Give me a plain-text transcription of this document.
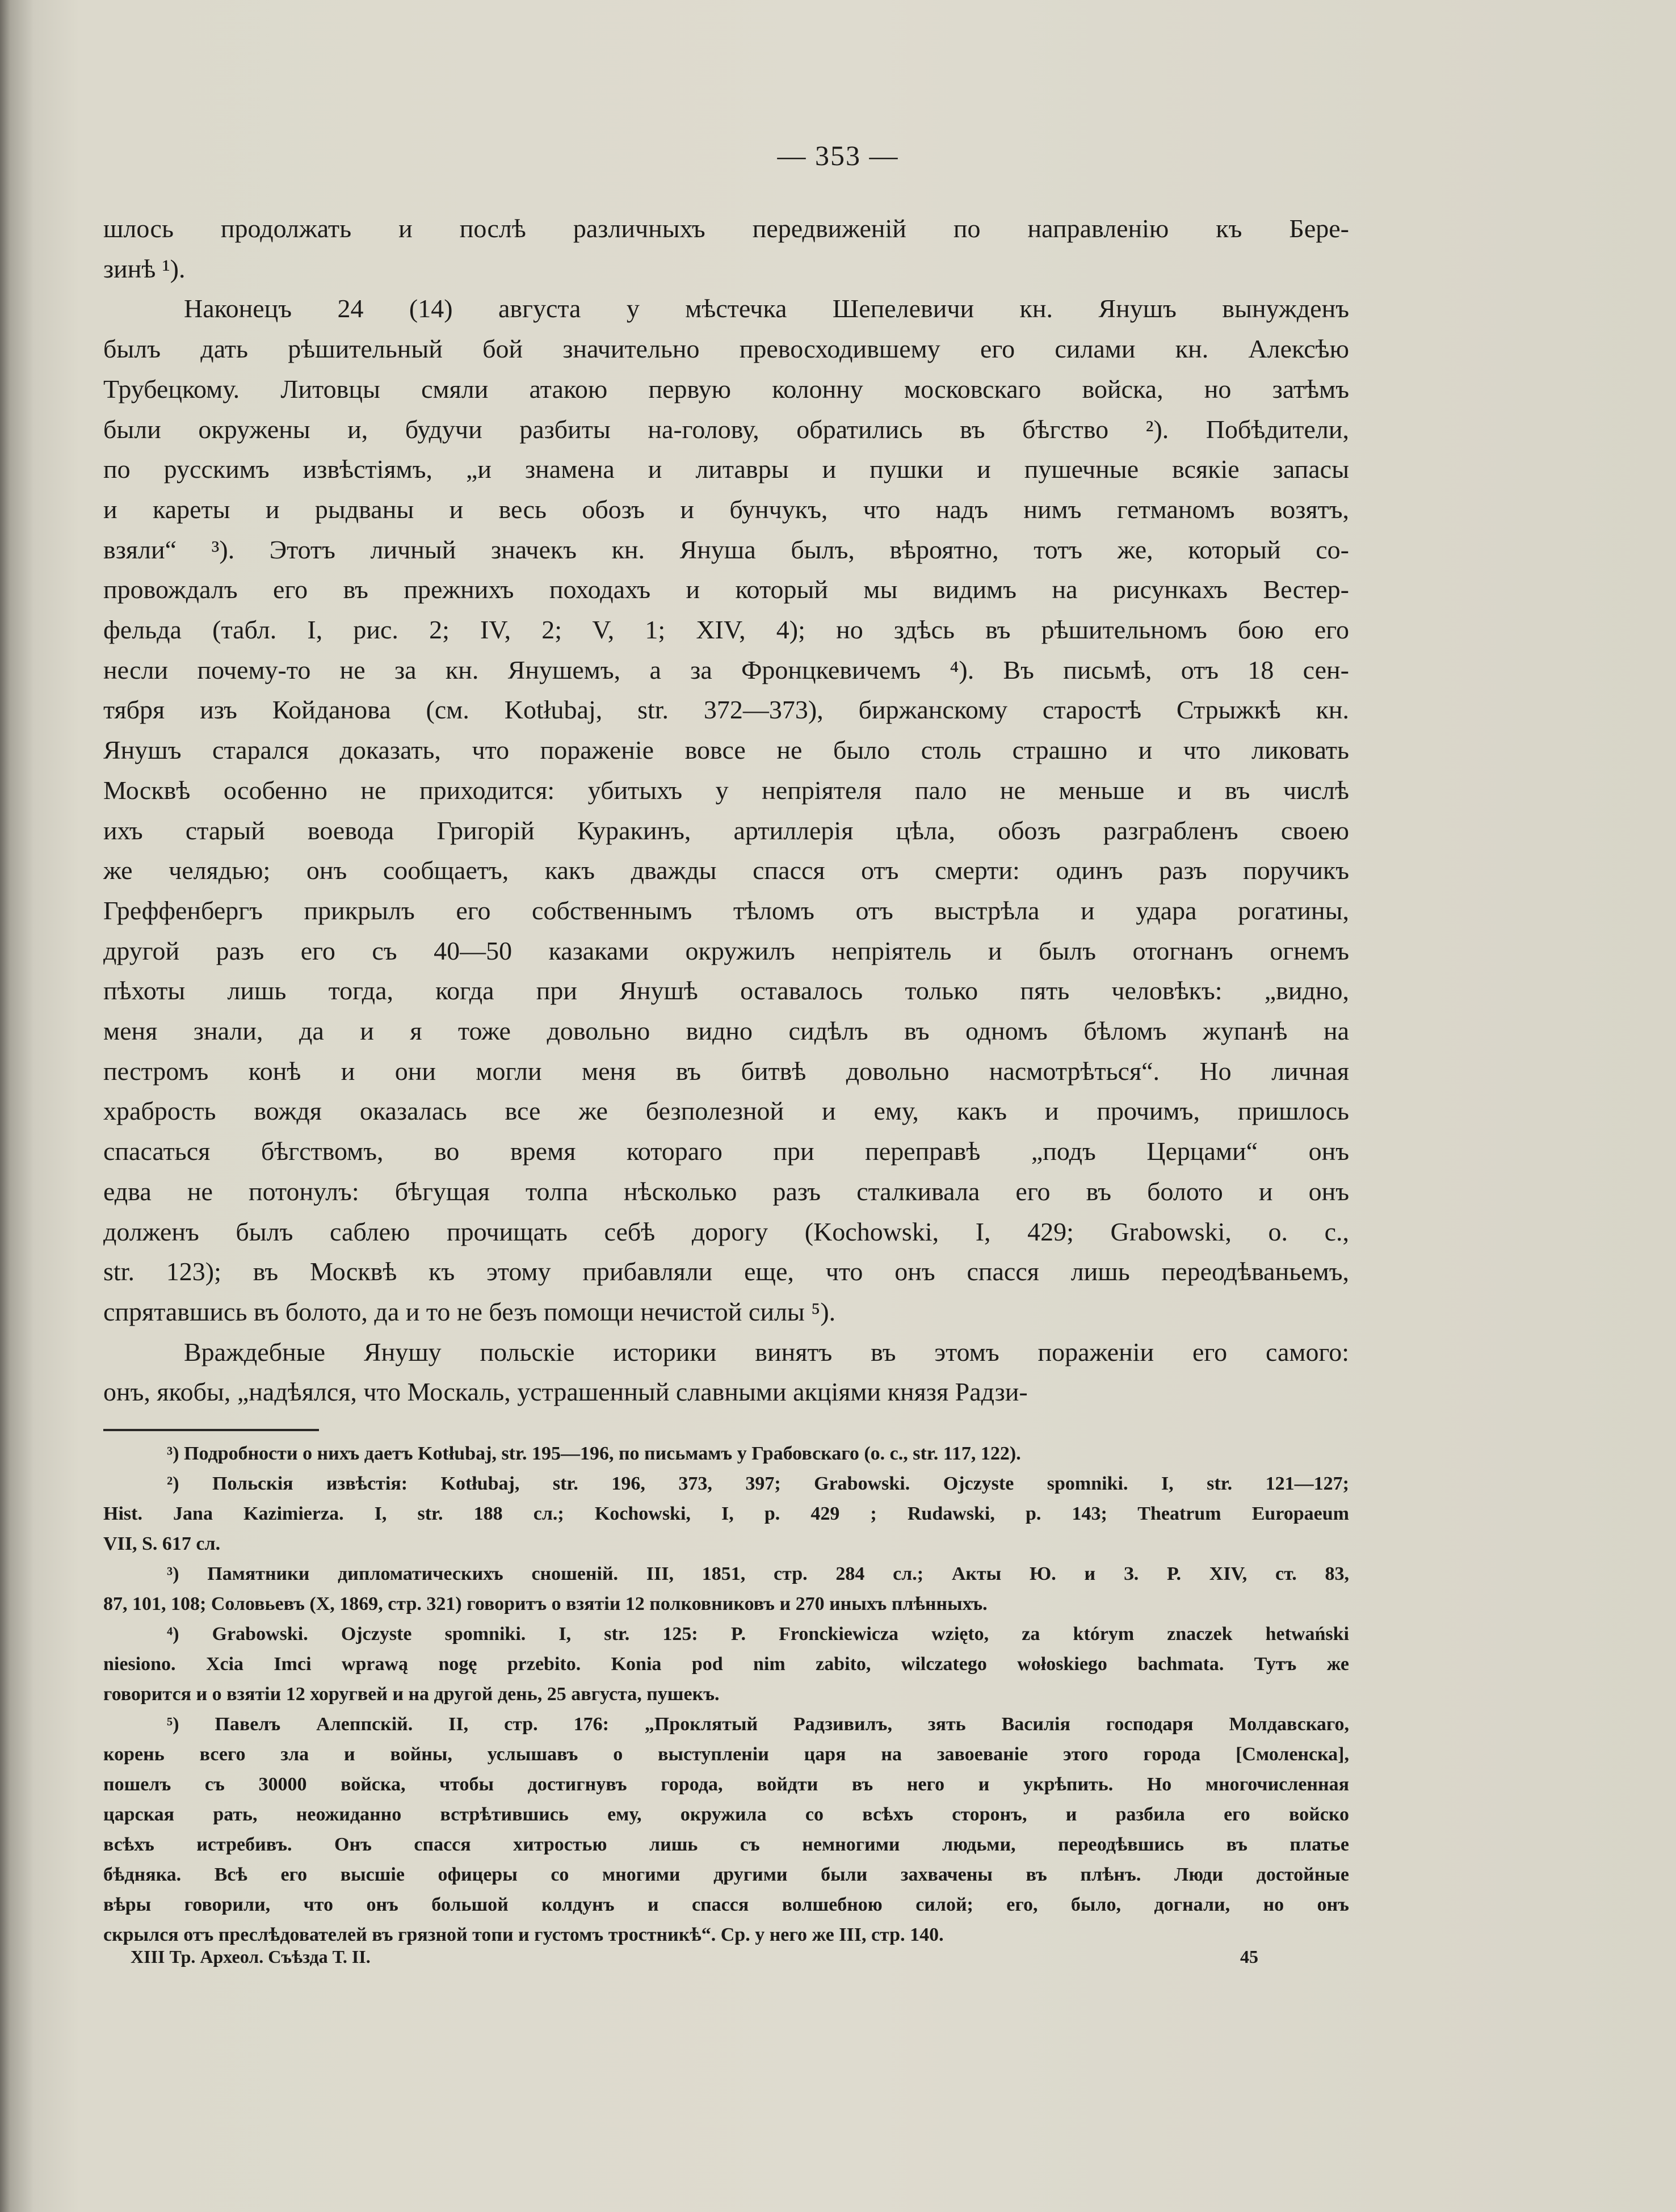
— 353 —
шлось продолжать и послѣ различныхъ передвиженій по направленію къ Бере-
зинѣ ¹).
Наконецъ 24 (14) августа у мѣстечка Шепелевичи кн. Янушъ вынужденъ
былъ дать рѣшительный бой значительно превосходившему его силами кн. Алексѣю
Трубецкому. Литовцы смяли атакою первую колонну московскаго войска, но затѣмъ
были окружены и, будучи разбиты на-голову, обратились въ бѣгство ²). Побѣдители,
по русскимъ извѣстіямъ, „и знамена и литавры и пушки и пушечные всякіе запасы
и кареты и рыдваны и весь обозъ и бунчукъ, что надъ нимъ гетманомъ возятъ,
взяли“ ³). Этотъ личный значекъ кн. Януша былъ, вѣроятно, тотъ же, который со-
провождалъ его въ прежнихъ походахъ и который мы видимъ на рисункахъ Вестер-
фельда (табл. I, рис. 2; IV, 2; V, 1; XIV, 4); но здѣсь въ рѣшительномъ бою его
несли почему-то не за кн. Янушемъ, а за Фронцкевичемъ ⁴). Въ письмѣ, отъ 18 сен-
тября изъ Койданова (см. Kotłubaj, str. 372—373), биржанскому старостѣ Стрыжкѣ кн.
Янушъ старался доказать, что пораженіе вовсе не было столь страшно и что ликовать
Москвѣ особенно не приходится: убитыхъ у непріятеля пало не меньше и въ числѣ
ихъ старый воевода Григорій Куракинъ, артиллерія цѣла, обозъ разграбленъ своею
же челядью; онъ сообщаетъ, какъ дважды спасся отъ смерти: одинъ разъ поручикъ
Греффенбергъ прикрылъ его собственнымъ тѣломъ отъ выстрѣла и удара рогатины,
другой разъ его съ 40—50 казаками окружилъ непріятель и былъ отогнанъ огнемъ
пѣхоты лишь тогда, когда при Янушѣ оставалось только пять человѣкъ: „видно,
меня знали, да и я тоже довольно видно сидѣлъ въ одномъ бѣломъ жупанѣ на
пестромъ конѣ и они могли меня въ битвѣ довольно насмотрѣться“. Но личная
храбрость вождя оказалась все же безполезной и ему, какъ и прочимъ, пришлось
спасаться бѣгствомъ, во время котораго при переправѣ „подъ Церцами“ онъ
едва не потонулъ: бѣгущая толпа нѣсколько разъ сталкивала его въ болото и онъ
долженъ былъ саблею прочищать себѣ дорогу (Kochowski, I, 429; Grabowski, o. c.,
str. 123); въ Москвѣ къ этому прибавляли еще, что онъ спасся лишь переодѣваньемъ,
спрятавшись въ болото, да и то не безъ помощи нечистой силы ⁵).
Враждебные Янушу польскіе историки винятъ въ этомъ пораженіи его самого:
онъ, якобы, „надѣялся, что Москаль, устрашенный славными акціями князя Радзи-
³) Подробности о нихъ даетъ Kotłubaj, str. 195—196, по письмамъ у Грабовскаго (o. c., str. 117, 122).
²) Польскія извѣстія: Kotłubaj, str. 196, 373, 397; Grabowski. Ojczyste spomniki. I, str. 121—127;
Hist. Jana Kazimierza. I, str. 188 сл.; Kochowski, I, p. 429 ; Rudawski, p. 143; Theatrum Europaeum
VII, S. 617 сл.
³) Памятники дипломатическихъ сношеній. III, 1851, стр. 284 сл.; Акты Ю. и З. Р. XIV, ст. 83,
87, 101, 108; Соловьевъ (X, 1869, стр. 321) говоритъ о взятіи 12 полковниковъ и 270 иныхъ плѣнныхъ.
⁴) Grabowski. Ojczyste spomniki. I, str. 125: P. Fronckiewicza wzięto, za którym znaczek hetwański
niesiono. Xcia Imci wprawą nogę przebito. Konia pod nim zabito, wilczatego wołoskiego bachmata. Тутъ же
говорится и о взятіи 12 хоругвей и на другой день, 25 августа, пушекъ.
⁵) Павелъ Алеппскій. II, стр. 176: „Проклятый Радзивилъ, зять Василія господаря Молдавскаго,
корень всего зла и войны, услышавъ о выступленіи царя на завоеваніе этого города [Смоленска],
пошелъ съ 30000 войска, чтобы достигнувъ города, войдти въ него и укрѣпить. Но многочисленная
царская рать, неожиданно встрѣтившись ему, окружила со всѣхъ сторонъ, и разбила его войско
всѣхъ истребивъ. Онъ спасся хитростью лишь съ немногими людьми, переодѣвшись въ платье
бѣдняка. Всѣ его высшіе офицеры со многими другими были захвачены въ плѣнъ. Люди достойные
вѣры говорили, что онъ большой колдунъ и спасся волшебною силой; его, было, догнали, но онъ
скрылся отъ преслѣдователей въ грязной топи и густомъ тростникѣ“. Ср. у него же III, стр. 140.
XIII Тр. Археол. Съѣзда Т. II.	45
